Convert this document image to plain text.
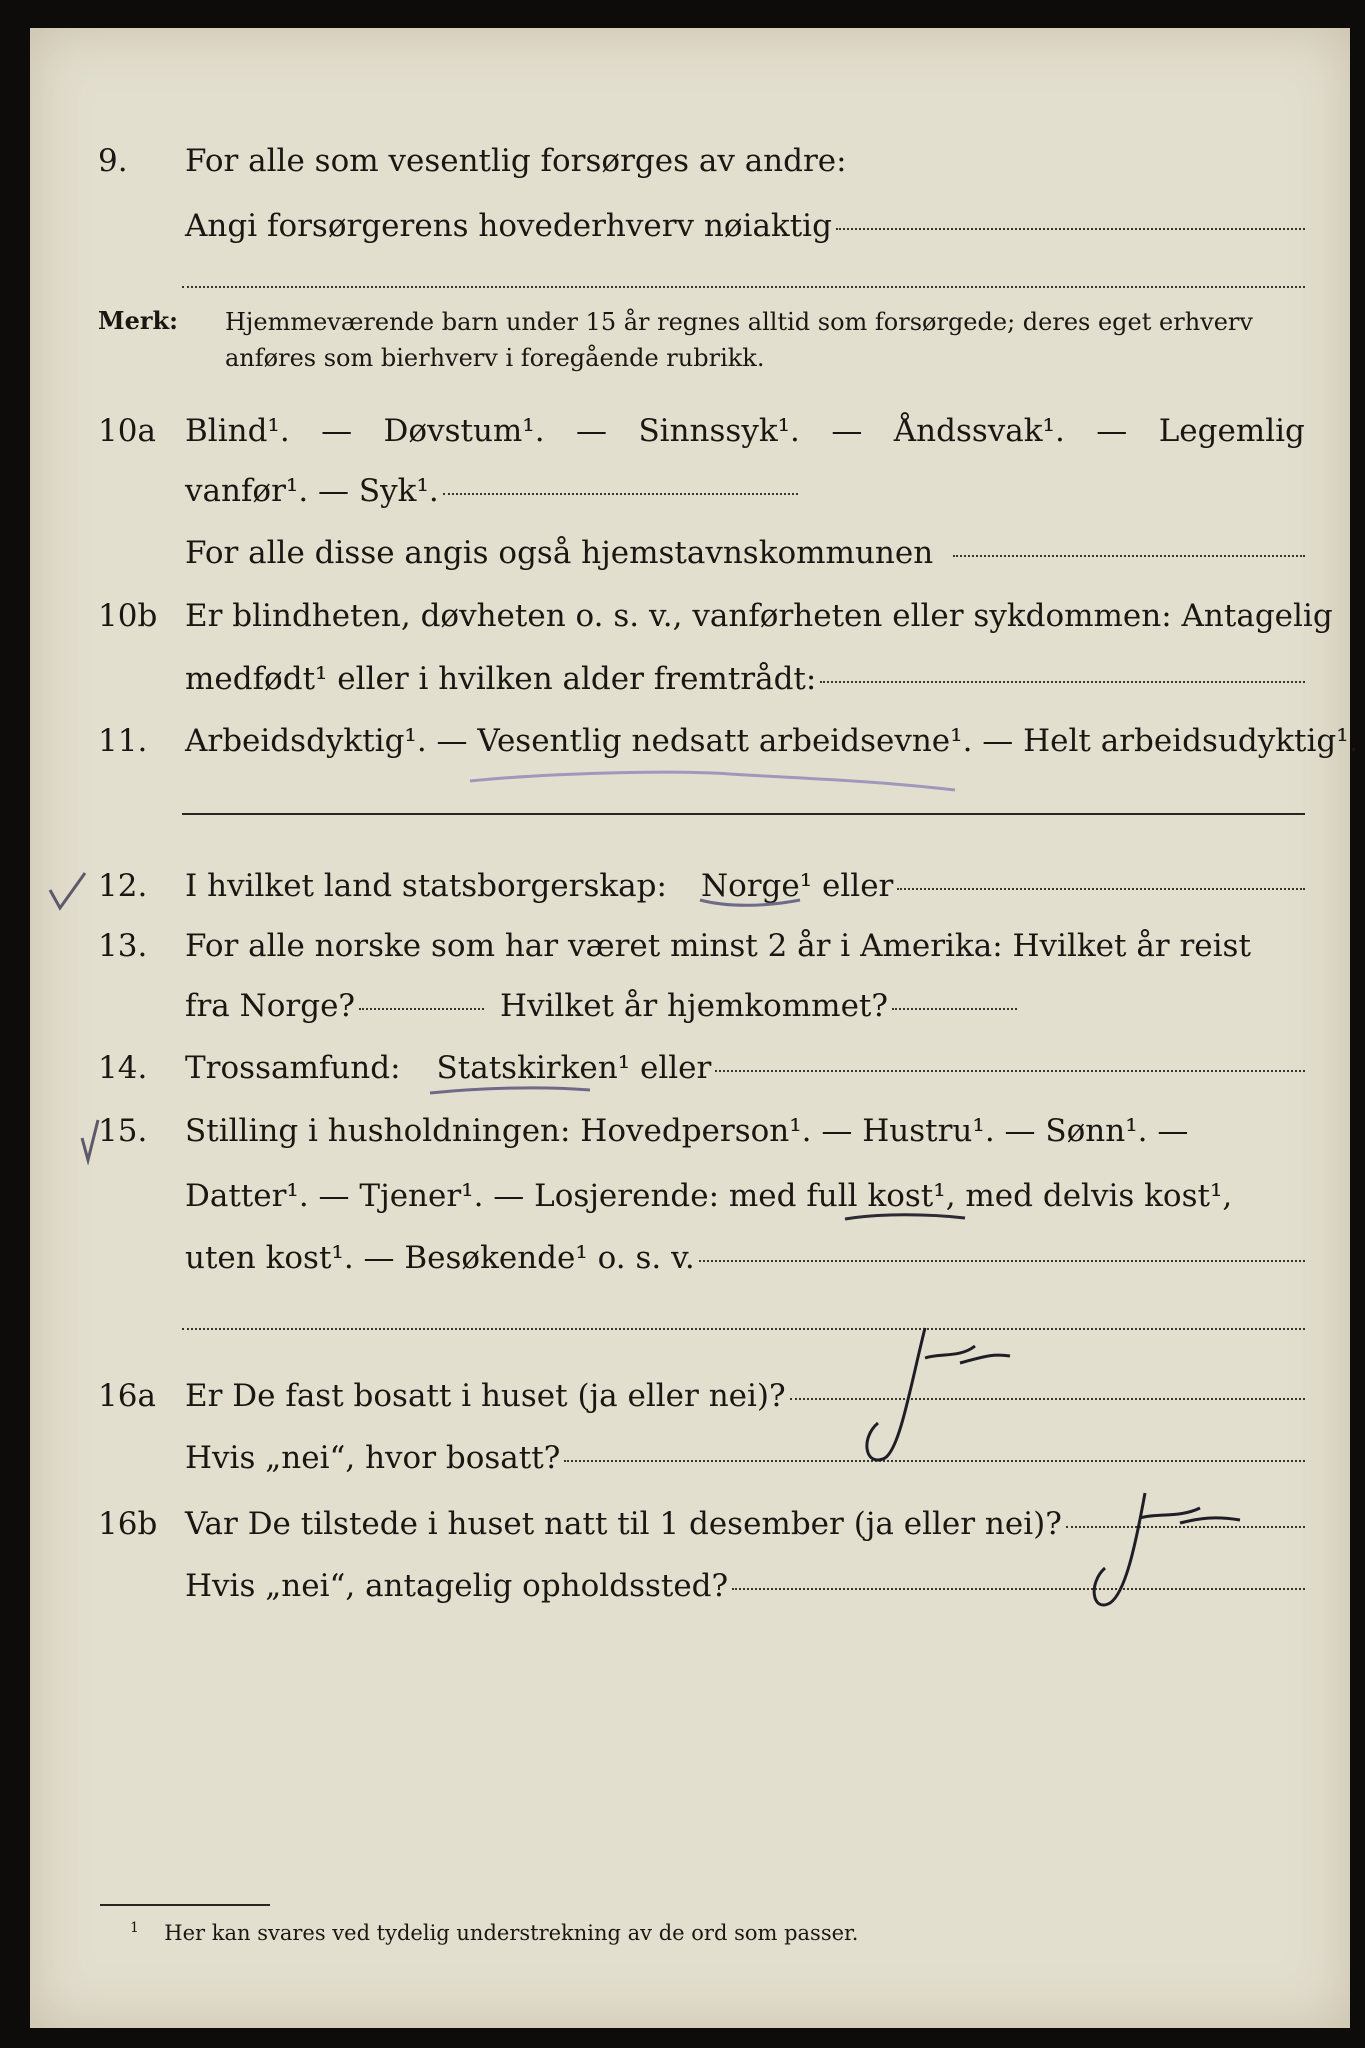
9.	For alle som vesentlig forsørges av andre:
Angi forsørgerens hovederhverv nøiaktig
Merk: Hjemmeværende barn under 15 år regnes alltid som forsørgede; deres eget erhverv anføres som bierhverv i foregående rubrikk.
10a Blind¹. — Døvstum¹. — Sinnssyk¹. — Åndssvak¹. — Legemlig
vanfør¹. — Syk¹.
For alle disse angis også hjemstavnskommunen
10b Er blindheten, døvheten o. s. v., vanførheten eller sykdommen: Antagelig
medfødt¹ eller i hvilken alder fremtrådt:
11.	Arbeidsdyktig¹. — Vesentlig nedsatt arbeidsevne¹. — Helt arbeidsudyktig¹.
12.	I hvilket land statsborgerskap: Norge¹ eller
13.	For alle norske som har været minst 2 år i Amerika: Hvilket år reist
fra Norge?	Hvilket år hjemkommet?
14.	Trossamfund: Statskirken¹ eller
15.	Stilling i husholdningen: Hovedperson¹. — Hustru¹. — Sønn¹. —
Datter¹. — Tjener¹. — Losjerende: med full kost¹, med delvis kost¹,
uten kost¹. — Besøkende¹ o. s. v.
16a Er De fast bosatt i huset (ja eller nei)?
Hvis „nei“, hvor bosatt?
16b Var De tilstede i huset natt til 1 desember (ja eller nei)?
Hvis „nei“, antagelig opholdssted?
$^1$ Her kan svares ved tydelig understrekning av de ord som passer.
